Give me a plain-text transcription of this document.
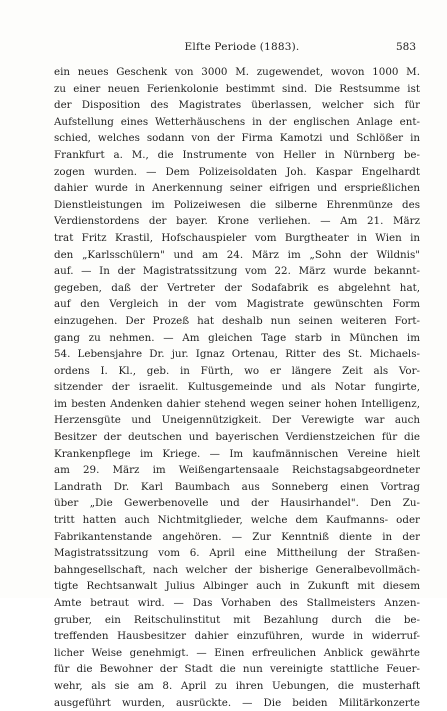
Elfte Periode (1883).	583
ein neues Geschenk von 3000 M. zugewendet, wovon 1000 M.
zu einer neuen Ferienkolonie bestimmt sind. Die Restsumme ist
der Disposition des Magistrates überlassen, welcher sich für
Aufstellung eines Wetterhäuschens in der englischen Anlage ent-
schied, welches sodann von der Firma Kamotzi und Schlößer in
Frankfurt a. M., die Instrumente von Heller in Nürnberg be-
zogen wurden. — Dem Polizeisoldaten Joh. Kaspar Engelhardt
dahier wurde in Anerkennung seiner eifrigen und ersprießlichen
Dienstleistungen im Polizeiwesen die silberne Ehrenmünze des
Verdienstordens der bayer. Krone verliehen. — Am 21. März
trat Fritz Krastil, Hofschauspieler vom Burgtheater in Wien in
den „Karlsschülern" und am 24. März im „Sohn der Wildnis"
auf. — In der Magistratssitzung vom 22. März wurde bekannt-
gegeben, daß der Vertreter der Sodafabrik es abgelehnt hat,
auf den Vergleich in der vom Magistrate gewünschten Form
einzugehen. Der Prozeß hat deshalb nun seinen weiteren Fort-
gang zu nehmen. — Am gleichen Tage starb in München im
54. Lebensjahre Dr. jur. Ignaz Ortenau, Ritter des St. Michaels-
ordens I. Kl., geb. in Fürth, wo er längere Zeit als Vor-
sitzender der israelit. Kultusgemeinde und als Notar fungirte,
im besten Andenken dahier stehend wegen seiner hohen Intelligenz,
Herzensgüte und Uneigennützigkeit. Der Verewigte war auch
Besitzer der deutschen und bayerischen Verdienstzeichen für die
Krankenpflege im Kriege. — Im kaufmännischen Vereine hielt
am 29. März im Weißengartensaale Reichstagsabgeordneter
Landrath Dr. Karl Baumbach aus Sonneberg einen Vortrag
über „Die Gewerbenovelle und der Hausirhandel". Den Zu-
tritt hatten auch Nichtmitglieder, welche dem Kaufmanns- oder
Fabrikantenstande angehören. — Zur Kenntniß diente in der
Magistratssitzung vom 6. April eine Mittheilung der Straßen-
bahngesellschaft, nach welcher der bisherige Generalbevollmäch-
tigte Rechtsanwalt Julius Albinger auch in Zukunft mit diesem
Amte betraut wird. — Das Vorhaben des Stallmeisters Anzen-
gruber, ein Reitschulinstitut mit Bezahlung durch die be-
treffenden Hausbesitzer dahier einzuführen, wurde in widerruf-
licher Weise genehmigt. — Einen erfreulichen Anblick gewährte
für die Bewohner der Stadt die nun vereinigte stattliche Feuer-
wehr, als sie am 8. April zu ihren Uebungen, die musterhaft
ausgeführt wurden, ausrückte. — Die beiden Militärkonzerte
